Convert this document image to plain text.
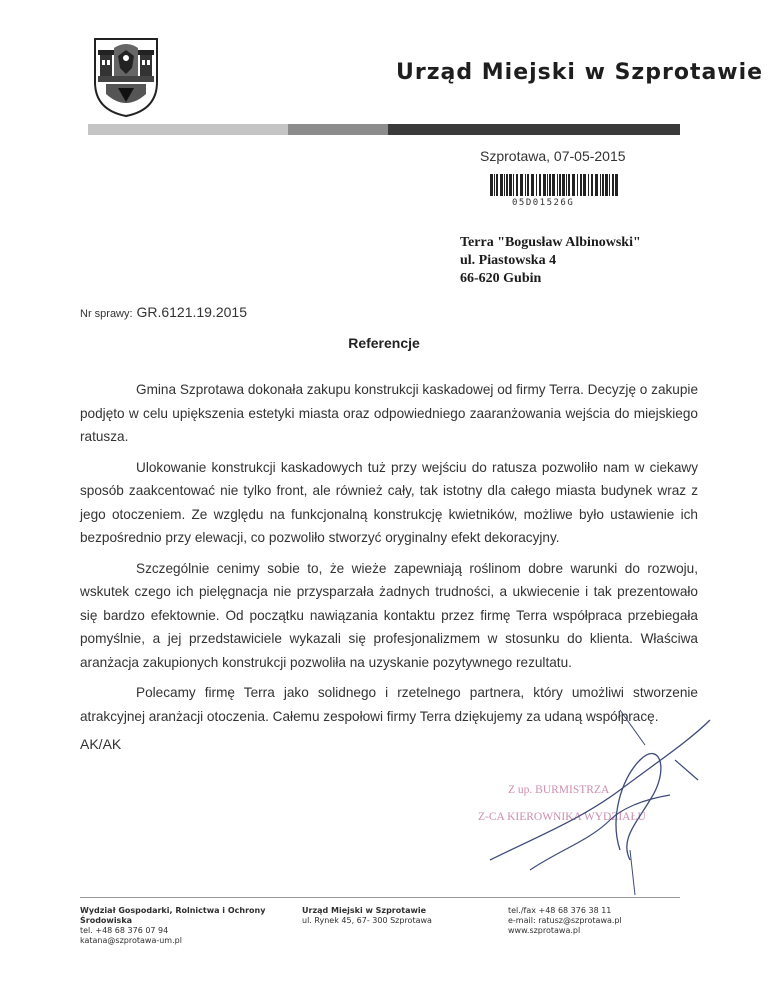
Urząd Miejski w Szprotawie
Szprotawa, 07-05-2015
05D01526G
Terra "Bogusław Albinowski"
ul. Piastowska 4
66-620 Gubin
Nr sprawy: GR.6121.19.2015
Referencje

Gmina Szprotawa dokonała zakupu konstrukcji kaskadowej od firmy Terra. Decyzję o zakupie podjęto w celu upiększenia estetyki miasta oraz odpowiedniego zaaranżowania wejścia do miejskiego ratusza.

Ulokowanie konstrukcji kaskadowych tuż przy wejściu do ratusza pozwoliło nam w ciekawy sposób zaakcentować nie tylko front, ale również cały, tak istotny dla całego miasta budynek wraz z jego otoczeniem. Ze względu na funkcjonalną konstrukcję kwietników, możliwe było ustawienie ich bezpośrednio przy elewacji, co pozwoliło stworzyć oryginalny efekt dekoracyjny.

Szczególnie cenimy sobie to, że wieże zapewniają roślinom dobre warunki do rozwoju, wskutek czego ich pielęgnacja nie przysparzała żadnych trudności, a ukwiecenie i tak prezentowało się bardzo efektownie. Od początku nawiązania kontaktu przez firmę Terra współpraca przebiegała pomyślnie, a jej przedstawiciele wykazali się profesjonalizmem w stosunku do klienta. Właściwa aranżacja zakupionych konstrukcji pozwoliła na uzyskanie pozytywnego rezultatu.

Polecamy firmę Terra jako solidnego i rzetelnego partnera, który umożliwi stworzenie atrakcyjnej aranżacji otoczenia. Całemu zespołowi firmy Terra dziękujemy za udaną współpracę.

AK/AK
Z up. BURMISTRZA
Z-CA KIEROWNIKA WYDZIAŁU
Wydział Gospodarki, Rolnictwa i Ochrony
Środowiska
tel. +48 68 376 07 94
katana@szprotawa-um.pl
Urząd Miejski w Szprotawie
ul. Rynek 45, 67- 300 Szprotawa
tel./fax +48 68 376 38 11
e-mail: ratusz@szprotawa.pl
www.szprotawa.pl
